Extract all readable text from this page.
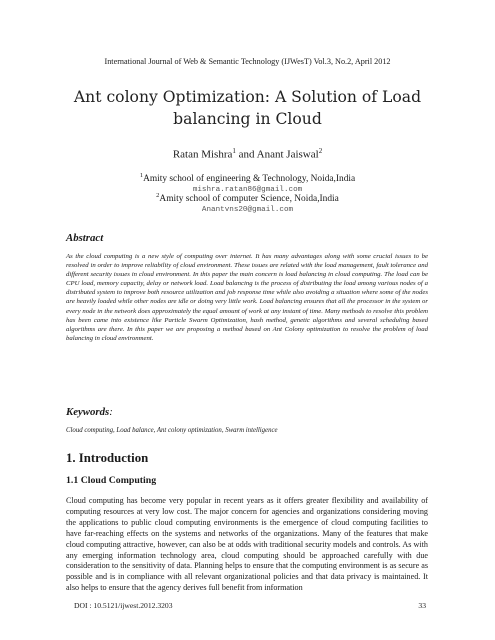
International Journal of Web & Semantic Technology (IJWesT) Vol.3, No.2, April 2012
Ant colony Optimization: A Solution of Load balancing in Cloud
Ratan Mishra$^1$ and Anant Jaiswal$^2$
$^1$Amity school of engineering & Technology, Noida,India
mishra.ratan86@gmail.com
$^2$Amity school of computer Science, Noida,India
Anantvns20@gmail.com
Abstract

As the cloud computing is a new style of computing over internet. It has many advantages along with some crucial issues to be resolved in order to improve reliability of cloud environment. These issues are related with the load management, fault tolerance and different security issues in cloud environment. In this paper the main concern is load balancing in cloud computing. The load can be CPU load, memory capacity, delay or network load. Load balancing is the process of distributing the load among various nodes of a distributed system to improve both resource utilization and job response time while also avoiding a situation where some of the nodes are heavily loaded while other nodes are idle or doing very little work. Load balancing ensures that all the processor in the system or every node in the network does approximately the equal amount of work at any instant of time. Many methods to resolve this problem has been came into existence like Particle Swarm Optimization, hash method, genetic algorithms and several scheduling based algorithms are there. In this paper we are proposing a method based on Ant Colony optimization to resolve the problem of load balancing in cloud environment.

Keywords:
Cloud computing, Load balance, Ant colony optimization, Swarm intelligence
1. Introduction
1.1 Cloud Computing

Cloud computing has become very popular in recent years as it offers greater flexibility and availability of computing resources at very low cost. The major concern for agencies and organizations considering moving the applications to public cloud computing environments is the emergence of cloud computing facilities to have far-reaching effects on the systems and networks of the organizations. Many of the features that make cloud computing attractive, however, can also be at odds with traditional security models and controls. As with any emerging information technology area, cloud computing should be approached carefully with due consideration to the sensitivity of data. Planning helps to ensure that the computing environment is as secure as possible and is in compliance with all relevant organizational policies and that data privacy is maintained. It also helps to ensure that the agency derives full benefit from information

DOI : 10.5121/ijwest.2012.3203	33
